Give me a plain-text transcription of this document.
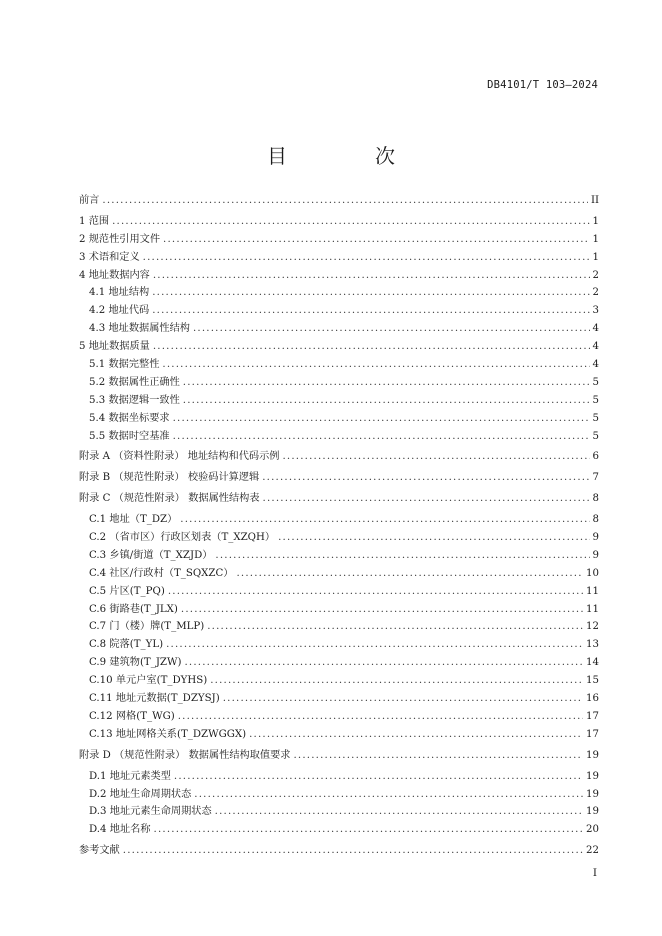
DB4101/T 103—2024
目　次
前言 .....	II
1 范围 .....	1
2 规范性引用文件 .....	1
3 术语和定义 .....	1
4 地址数据内容 .....	2
4.1 地址结构 .....	2
4.2 地址代码 .....	3
4.3 地址数据属性结构 .....	4
5 地址数据质量 .....	4
5.1 数据完整性 .....	4
5.2 数据属性正确性 .....	5
5.3 数据逻辑一致性 .....	5
5.4 数据坐标要求 .....	5
5.5 数据时空基准 .....	5
附录 A （资料性附录） 地址结构和代码示例 .....	6
附录 B （规范性附录） 校验码计算逻辑 .....	7
附录 C （规范性附录） 数据属性结构表 .....	8
C.1 地址（T_DZ） .....	8
C.2 （省市区）行政区划表（T_XZQH） .....	9
C.3 乡镇/街道（T_XZJD） .....	9
C.4 社区/行政村（T_SQXZC） .....	10
C.5 片区(T_PQ) .....	11
C.6 街路巷(T_JLX) .....	11
C.7 门（楼）牌(T_MLP) .....	12
C.8 院落(T_YL) .....	13
C.9 建筑物(T_JZW) .....	14
C.10 单元户室(T_DYHS) .....	15
C.11 地址元数据(T_DZYSJ) .....	16
C.12 网格(T_WG) .....	17
C.13 地址网格关系(T_DZWGGX) .....	17
附录 D （规范性附录） 数据属性结构取值要求 .....	19
D.1 地址元素类型 .....	19
D.2 地址生命周期状态 .....	19
D.3 地址元素生命周期状态 .....	19
D.4 地址名称 .....	20
参考文献 .....	22
I
